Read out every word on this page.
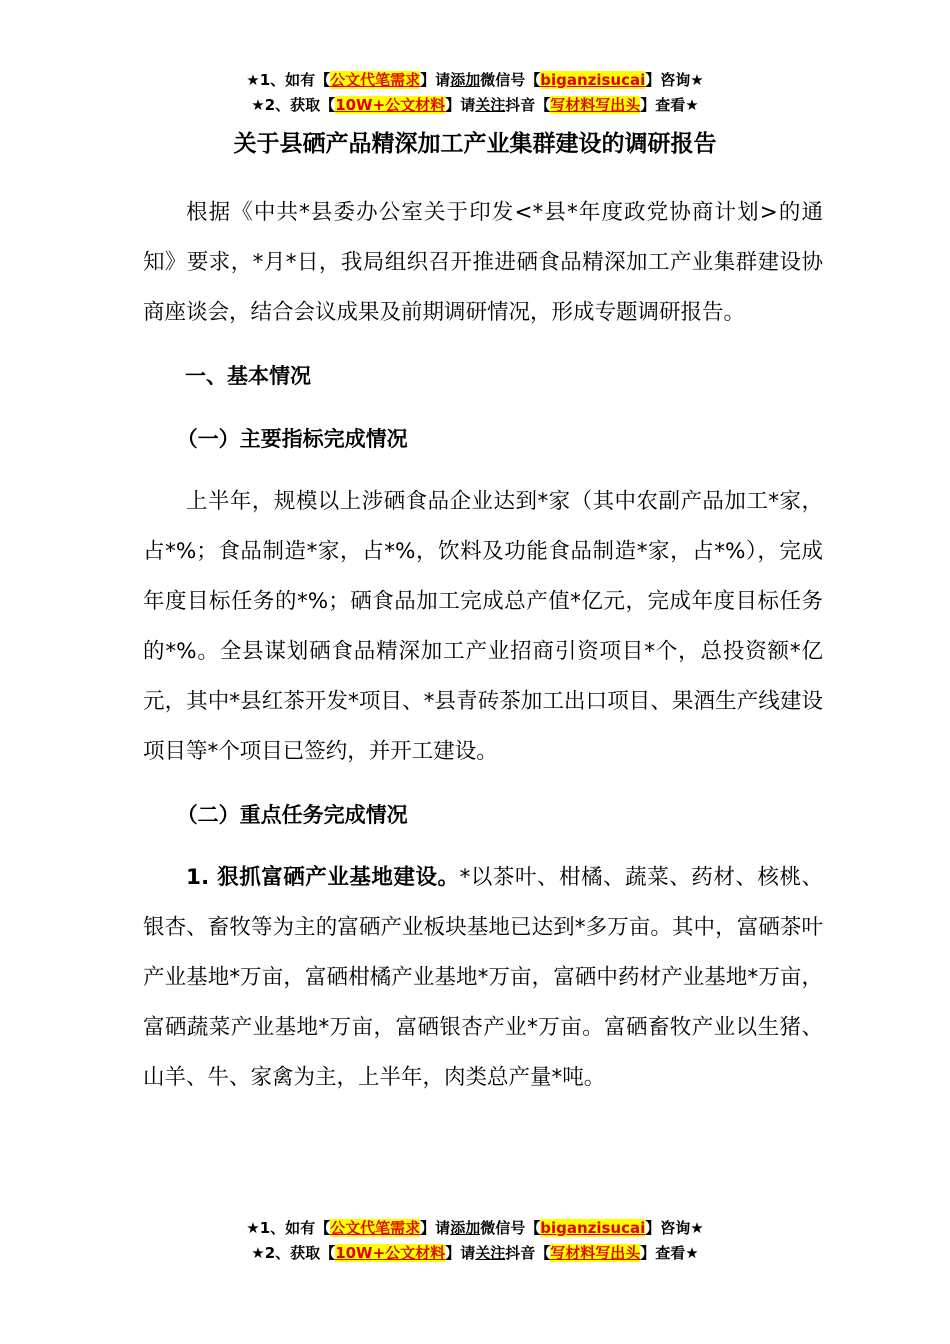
★1、如有【公文代笔需求】请添加微信号【biganzisucai】咨询★
★2、获取【10W+公文材料】请关注抖音【写材料写出头】查看★
关于县硒产品精深加工产业集群建设的调研报告

根据《中共*县委办公室关于印发<*县*年度政党协商计划>的通知》要求，*月*日，我局组织召开推进硒食品精深加工产业集群建设协商座谈会，结合会议成果及前期调研情况，形成专题调研报告。

一、基本情况

（一）主要指标完成情况

上半年，规模以上涉硒食品企业达到*家（其中农副产品加工*家，占*%；食品制造*家，占*%，饮料及功能食品制造*家，占*%），完成年度目标任务的*%；硒食品加工完成总产值*亿元，完成年度目标任务的*%。全县谋划硒食品精深加工产业招商引资项目*个，总投资额*亿元，其中*县红茶开发*项目、*县青砖茶加工出口项目、果酒生产线建设项目等*个项目已签约，并开工建设。

（二）重点任务完成情况

1. 狠抓富硒产业基地建设。*以茶叶、柑橘、蔬菜、药材、核桃、银杏、畜牧等为主的富硒产业板块基地已达到*多万亩。其中，富硒茶叶产业基地*万亩，富硒柑橘产业基地*万亩，富硒中药材产业基地*万亩，富硒蔬菜产业基地*万亩，富硒银杏产业*万亩。富硒畜牧产业以生猪、山羊、牛、家禽为主，上半年，肉类总产量*吨。

★1、如有【公文代笔需求】请添加微信号【biganzisucai】咨询★
★2、获取【10W+公文材料】请关注抖音【写材料写出头】查看★
